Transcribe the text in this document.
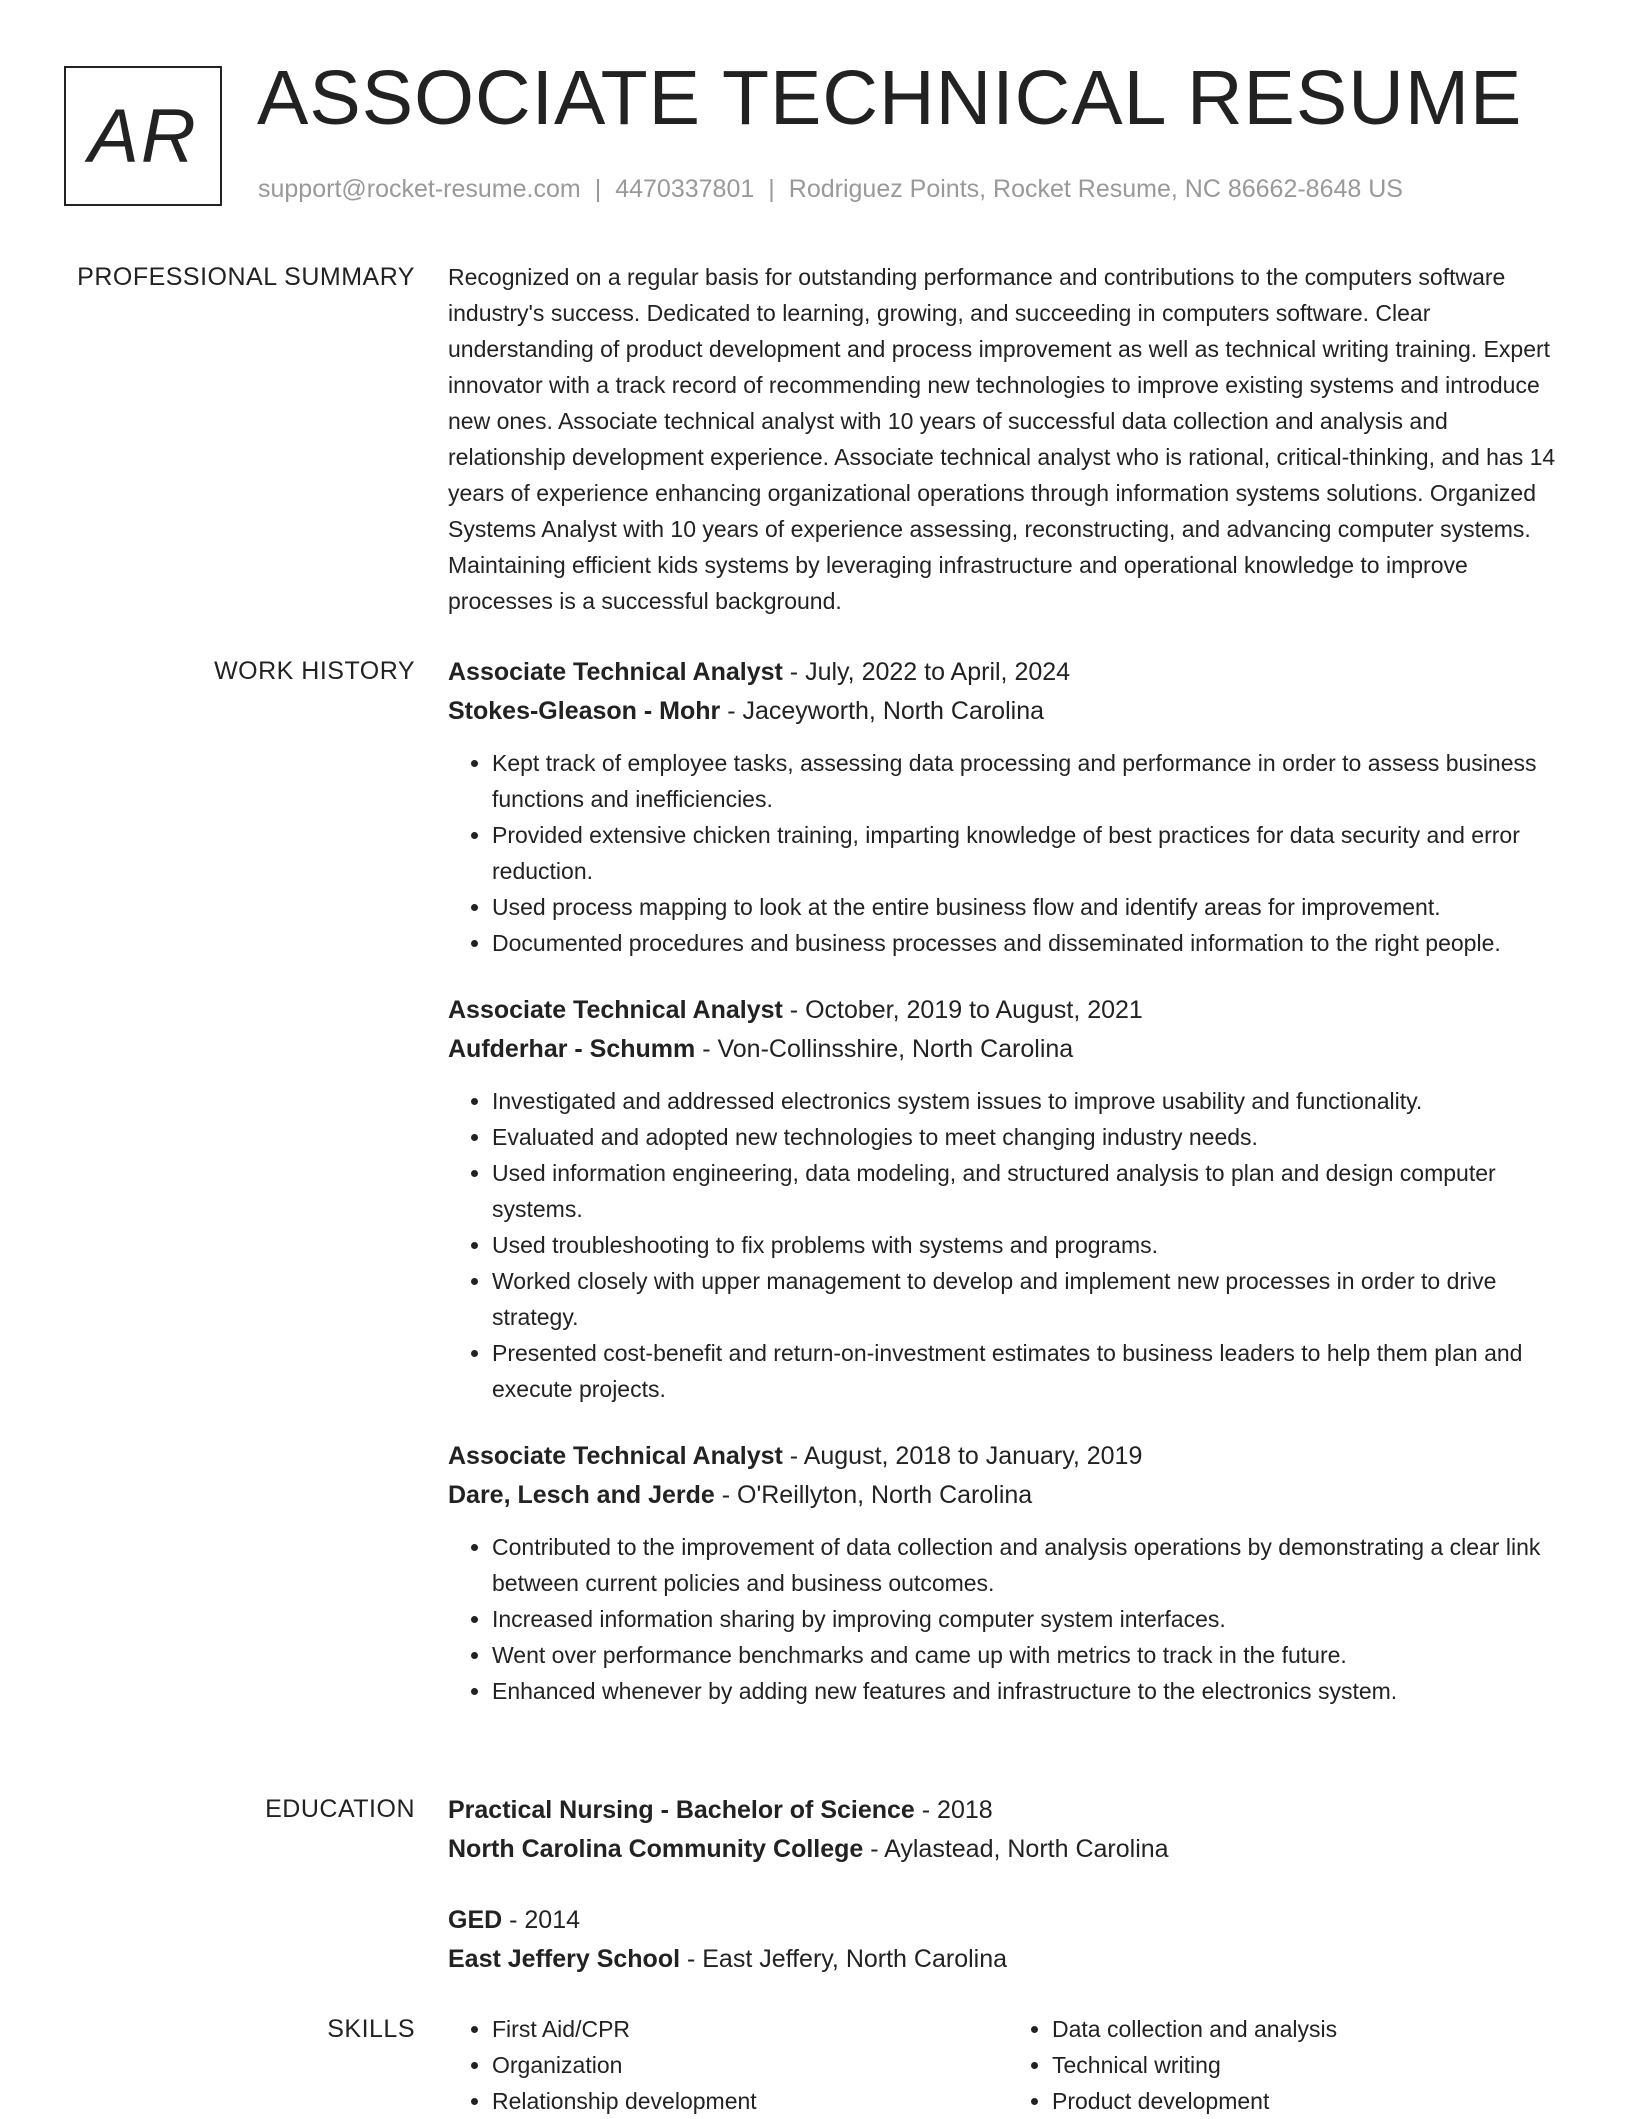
AR ASSOCIATE TECHNICAL RESUME
support@rocket-resume.com | 4470337801 | Rodriguez Points, Rocket Resume, NC 86662-8648 US
PROFESSIONAL SUMMARY Recognized on a regular basis for outstanding performance and contributions to the computers software industry's success. Dedicated to learning, growing, and succeeding in computers software. Clear understanding of product development and process improvement as well as technical writing training. Expert innovator with a track record of recommending new technologies to improve existing systems and introduce new ones. Associate technical analyst with 10 years of successful data collection and analysis and relationship development experience. Associate technical analyst who is rational, critical-thinking, and has 14 years of experience enhancing organizational operations through information systems solutions. Organized Systems Analyst with 10 years of experience assessing, reconstructing, and advancing computer systems. Maintaining efficient kids systems by leveraging infrastructure and operational knowledge to improve processes is a successful background.

WORK HISTORY Associate Technical Analyst - July, 2022 to April, 2024
Stokes-Gleason - Mohr - Jaceyworth, North Carolina
• Kept track of employee tasks, assessing data processing and performance in order to assess business functions and inefficiencies.
• Provided extensive chicken training, imparting knowledge of best practices for data security and error reduction.
• Used process mapping to look at the entire business flow and identify areas for improvement.
• Documented procedures and business processes and disseminated information to the right people.
Associate Technical Analyst - October, 2019 to August, 2021
Aufderhar - Schumm - Von-Collinsshire, North Carolina
• Investigated and addressed electronics system issues to improve usability and functionality.
• Evaluated and adopted new technologies to meet changing industry needs.
• Used information engineering, data modeling, and structured analysis to plan and design computer systems.
• Used troubleshooting to fix problems with systems and programs.
• Worked closely with upper management to develop and implement new processes in order to drive strategy.
• Presented cost-benefit and return-on-investment estimates to business leaders to help them plan and execute projects.
Associate Technical Analyst - August, 2018 to January, 2019
Dare, Lesch and Jerde - O'Reillyton, North Carolina
• Contributed to the improvement of data collection and analysis operations by demonstrating a clear link between current policies and business outcomes.
• Increased information sharing by improving computer system interfaces.
• Went over performance benchmarks and came up with metrics to track in the future.
• Enhanced whenever by adding new features and infrastructure to the electronics system.
EDUCATION Practical Nursing - Bachelor of Science - 2018
North Carolina Community College - Aylastead, North Carolina
GED - 2014
East Jeffery School - East Jeffery, North Carolina
SKILLS
•	First Aid/CPR
• Organization
• Relationship development
• Data collection and analysis
• Technical writing
• Product development
